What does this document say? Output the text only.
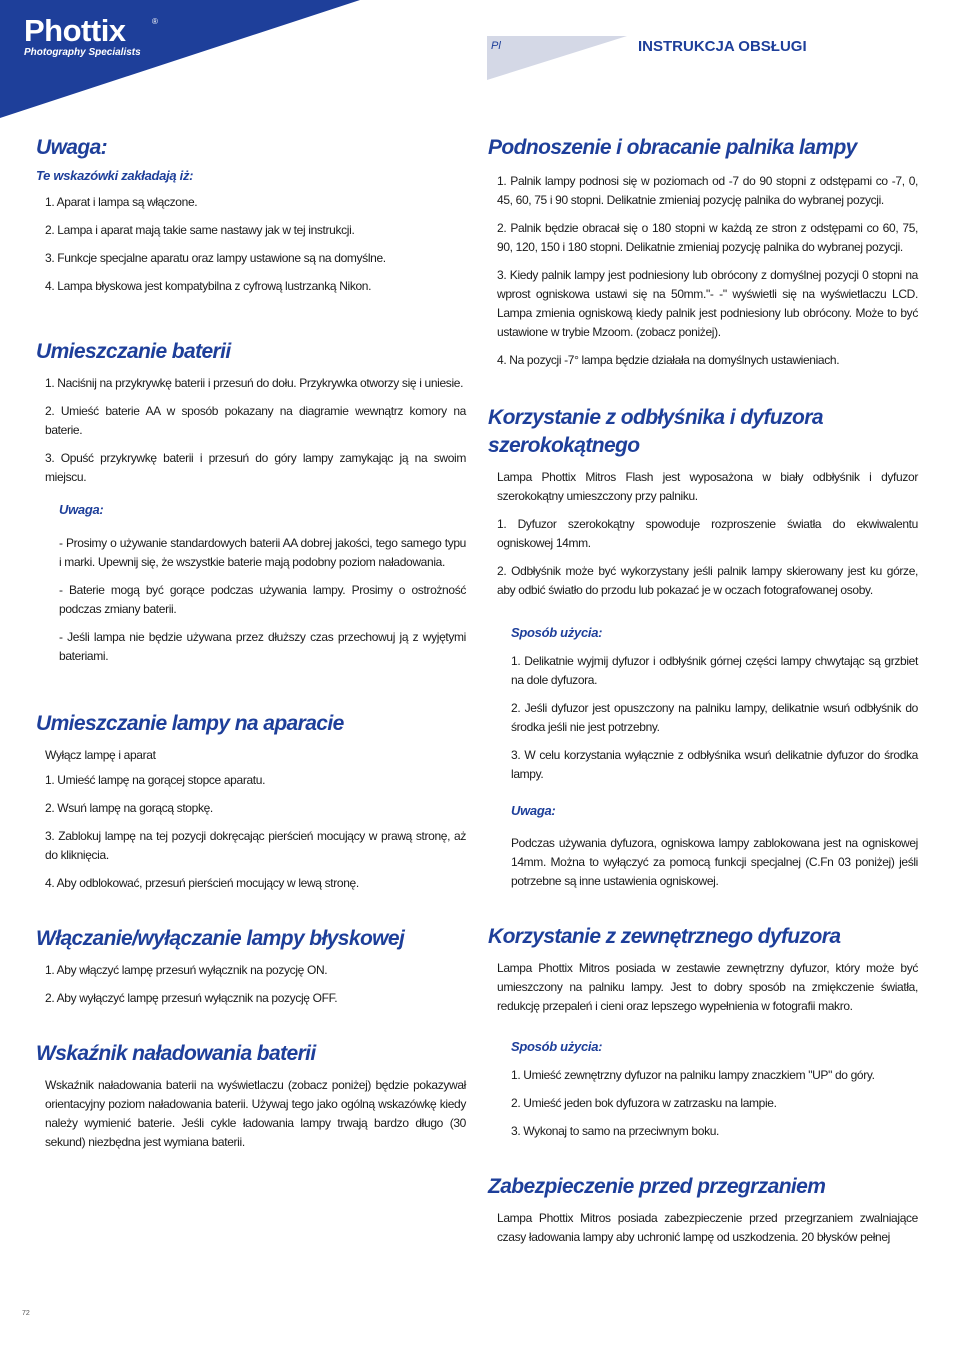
Phottix	®
Photography Specialists
Pl	INSTRUKCJA OBSŁUGI
Uwaga:
Te wskazówki zakładają iż:

1. Aparat i lampa są włączone.

2. Lampa i aparat mają takie same nastawy jak w tej instrukcji.

3. Funkcje specjalne aparatu oraz lampy ustawione są na domyślne.

4. Lampa błyskowa jest kompatybilna z cyfrową lustrzanką Nikon.

Umieszczanie baterii

1. Naciśnij na przykrywkę baterii i przesuń do dołu. Przykrywka otworzy się i uniesie.

2. Umieść baterie AA w sposób pokazany na diagramie wewnątrz komory na baterie.

3. Opuść przykrywkę baterii i przesuń do góry lampy zamykając ją na swoim miejscu.

Uwaga:

- Prosimy o używanie standardowych baterii AA dobrej jakości, tego samego typu i marki. Upewnij się, że wszystkie baterie mają podobny poziom naładowania.

- Baterie mogą być gorące podczas używania lampy. Prosimy o ostrożność podczas zmiany baterii.

- Jeśli lampa nie będzie używana przez dłuższy czas przechowuj ją z wyjętymi bateriami.

Umieszczanie lampy na aparacie

Wyłącz lampę i aparat

1. Umieść lampę na gorącej stopce aparatu.

2. Wsuń lampę na gorącą stopkę.

3. Zablokuj lampę na tej pozycji dokręcając pierścień mocujący w prawą stronę, aż do kliknięcia.

4. Aby odblokować, przesuń pierścień mocujący w lewą stronę.

Włączanie/wyłączanie lampy błyskowej

1. Aby włączyć lampę przesuń wyłącznik na pozycję ON.

2. Aby wyłączyć lampę przesuń wyłącznik na pozycję OFF.

Wskaźnik naładowania baterii

Wskaźnik naładowania baterii na wyświetlaczu (zobacz poniżej) będzie pokazywał orientacyjny poziom naładowania baterii. Używaj tego jako ogólną wskazówkę kiedy należy wymienić baterie. Jeśli cykle ładowania lampy trwają bardzo długo (30 sekund) niezbędna jest wymiana baterii.

Podnoszenie i obracanie palnika lampy

1. Palnik lampy podnosi się w poziomach od -7 do 90 stopni z odstępami co -7, 0, 45, 60, 75 i 90 stopni. Delikatnie zmieniaj pozycję palnika do wybranej pozycji.

2. Palnik będzie obracał się o 180 stopni w każdą ze stron z odstępami co 60, 75, 90, 120, 150 i 180 stopni. Delikatnie zmieniaj pozycję palnika do wybranej pozycji.

3. Kiedy palnik lampy jest podniesiony lub obrócony z domyślnej pozycji 0 stopni na wprost ogniskowa ustawi się na 50mm."- -" wyświetli się na wyświetlaczu LCD. Lampa zmienia ogniskową kiedy palnik jest podniesiony lub obrócony. Może to być ustawione w trybie Mzoom. (zobacz poniżej).

4. Na pozycji -7° lampa będzie działała na domyślnych ustawieniach.

Korzystanie z odbłyśnika i dyfuzora szerokokątnego

Lampa Phottix Mitros Flash jest wyposażona w biały odbłyśnik i dyfuzor szerokokątny umieszczony przy palniku.

1. Dyfuzor szerokokątny spowoduje rozproszenie światła do ekwiwalentu ogniskowej 14mm.

2. Odbłyśnik może być wykorzystany jeśli palnik lampy skierowany jest ku górze, aby odbić światło do przodu lub pokazać je w oczach fotografowanej osoby.

Sposób użycia:

1. Delikatnie wyjmij dyfuzor i odbłyśnik górnej części lampy chwytając są grzbiet na dole dyfuzora.

2. Jeśli dyfuzor jest opuszczony na palniku lampy, delikatnie wsuń odbłyśnik do środka jeśli nie jest potrzebny.

3. W celu korzystania wyłącznie z odbłyśnika wsuń delikatnie dyfuzor do środka lampy.

Uwaga:

Podczas używania dyfuzora, ogniskowa lampy zablokowana jest na ogniskowej 14mm. Można to wyłączyć za pomocą funkcji specjalnej (C.Fn 03 poniżej) jeśli potrzebne są inne ustawienia ogniskowej.

Korzystanie z zewnętrznego dyfuzora

Lampa Phottix Mitros posiada w zestawie zewnętrzny dyfuzor, który może być umieszczony na palniku lampy. Jest to dobry sposób na zmiękczenie światła, redukcję przepaleń i cieni oraz lepszego wypełnienia w fotografii makro.

Sposób użycia:

1. Umieść zewnętrzny dyfuzor na palniku lampy znaczkiem "UP" do góry.

2. Umieść jeden bok dyfuzora w zatrzasku na lampie.

3. Wykonaj to samo na przeciwnym boku.

Zabezpieczenie przed przegrzaniem

Lampa Phottix Mitros posiada zabezpieczenie przed przegrzaniem zwalniające czasy ładowania lampy aby uchronić lampę od uszkodzenia. 20 błysków pełnej

72
